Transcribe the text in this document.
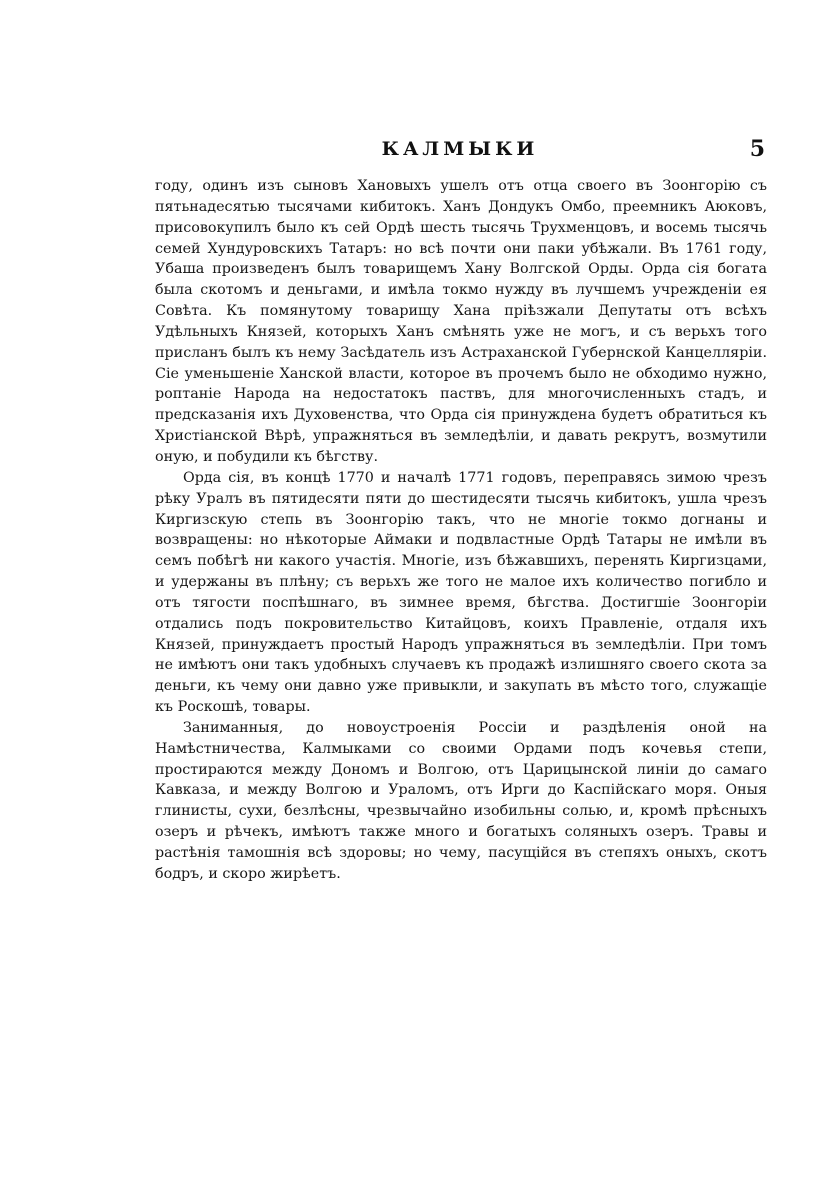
КАЛМЫКИ	5

году, одинъ изъ сыновъ Хановыхъ ушелъ отъ отца своего въ Зоонгорію съ пятьнадесятью тысячами кибитокъ. Ханъ Дондукъ Омбо, преемникъ Аюковъ, присовокупилъ было къ сей Ордѣ шесть тысячь Трухменцовъ, и восемь тысячь семей Хундуровскихъ Татаръ: но всѣ почти они паки убѣжали. Въ 1761 году, Убаша произведенъ былъ товарищемъ Хану Волгской Орды. Орда сія богата была скотомъ и деньгами, и имѣла токмо нужду въ лучшемъ учрежденіи ея Совѣта. Къ помянутому товарищу Хана пріѣзжали Депутаты отъ всѣхъ Удѣльныхъ Князей, которыхъ Ханъ смѣнять уже не могъ, и съ верьхъ того присланъ былъ къ нему Засѣдатель изъ Астраханской Губернской Канцелляріи. Сіе уменьшеніе Ханской власти, которое въ прочемъ было не обходимо нужно, роптаніе Народа на недостатокъ паствъ, для многочисленныхъ стадъ, и предсказанія ихъ Духовенства, что Орда сія принуждена будетъ обратиться къ Христіанской Вѣрѣ, упражняться въ земледѣліи, и давать рекрутъ, возмутили оную, и побудили къ бѣгству.

Орда сія, въ концѣ 1770 и началѣ 1771 годовъ, переправясь зимою чрезъ рѣку Уралъ въ пятидесяти пяти до шестидесяти тысячь кибитокъ, ушла чрезъ Киргизскую степь въ Зоонгорію такъ, что не многіе токмо догнаны и возвращены: но нѣкоторые Аймаки и подвластные Ордѣ Татары не имѣли въ семъ побѣгѣ ни какого участія. Многіе, изъ бѣжавшихъ, перенять Киргизцами, и удержаны въ плѣну; съ верьхъ же того не малое ихъ количество погибло и отъ тягости поспѣшнаго, въ зимнее время, бѣгства. Достигшіе Зоонгоріи отдались подъ покровительство Китайцовъ, коихъ Правленіе, отдаля ихъ Князей, принуждаетъ простый Народъ упражняться въ земледѣліи. При томъ не имѣютъ они такъ удобныхъ случаевъ къ продажѣ излишняго своего скота за деньги, къ чему они давно уже привыкли, и закупать въ мѣсто того, служащіе къ Роскошѣ, товары.

Заниманныя, до новоустроенія Россіи и раздѣленія оной на Намѣстничества, Калмыками со своими Ордами подъ кочевья степи, простираются между Дономъ и Волгою, отъ Царицынской линіи до самаго Кавказа, и между Волгою и Ураломъ, отъ Ирги до Каспійскаго моря. Оныя глинисты, сухи, безлѣсны, чрезвычайно изобильны солью, и, кромѣ прѣсныхъ озеръ и рѣчекъ, имѣютъ также много и богатыхъ соляныхъ озеръ. Травы и растѣнія тамошнія всѣ здоровы; но чему, пасущійся въ степяхъ оныхъ, скотъ бодръ, и скоро жирѣетъ.
